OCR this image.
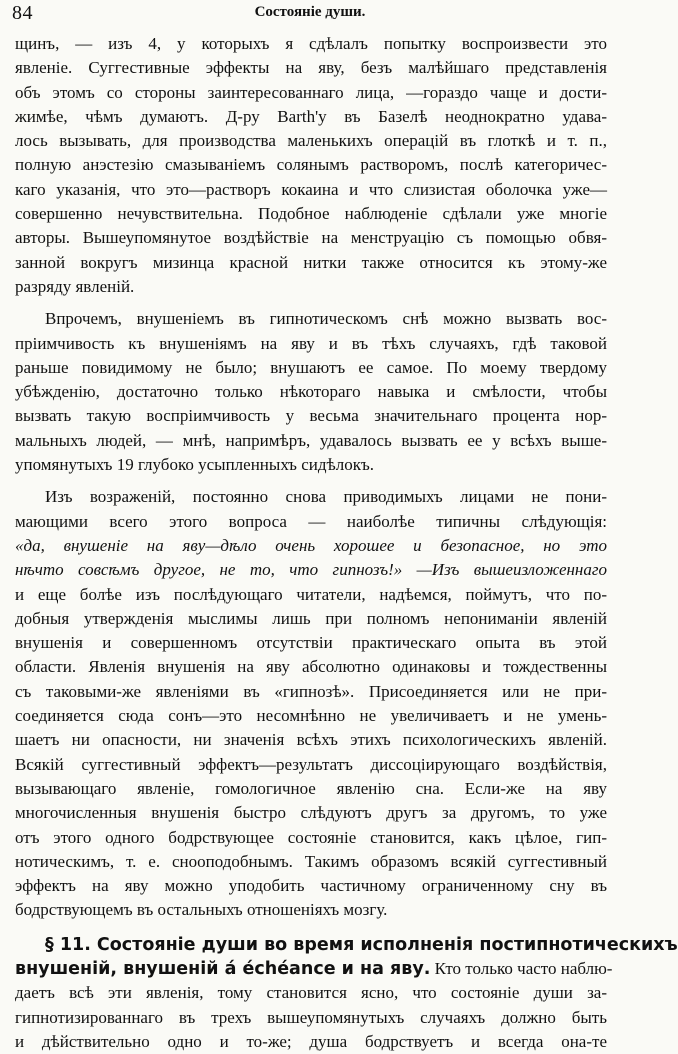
84	Состояніе души.
щинъ, — изъ 4, у которыхъ я сдѣлалъ попытку воспроизвести это
явленіе. Суггестивные эффекты на яву, безъ малѣйшаго представленія
объ этомъ со стороны заинтересованнаго лица, —гораздо чаще и дости-
жимѣе, чѣмъ думаютъ. Д-ру Barth'у въ Базелѣ неоднократно удава-
лось вызывать, для производства маленькихъ операцій въ глоткѣ и т. п.,
полную анэстезію смазываніемъ солянымъ растворомъ, послѣ категоричес-
каго указанія, что это—растворъ кокаина и что слизистая оболочка уже—
совершенно нечувствительна. Подобное наблюденіе сдѣлали уже многіе
авторы. Вышеупомянутое воздѣйствіе на менструацію съ помощью обвя-
занной вокругъ мизинца красной нитки также относится къ этому-же
разряду явленій.
Впрочемъ, внушеніемъ въ гипнотическомъ снѣ можно вызвать вос-
пріимчивость къ внушеніямъ на яву и въ тѣхъ случаяхъ, гдѣ таковой
раньше повидимому не было; внушаютъ ее самое. По моему твердому
убѣжденію, достаточно только нѣкотораго навыка и смѣлости, чтобы
вызвать такую воспріимчивость у весьма значительнаго процента нор-
мальныхъ людей, — мнѣ, напримѣръ, удавалось вызвать ее у всѣхъ выше-
упомянутыхъ 19 глубоко усыпленныхъ сидѣлокъ.
Изъ возраженій, постоянно снова приводимыхъ лицами не пони-
мающими всего этого вопроса — наиболѣе типичны слѣдующія:
«да, внушеніе на яву—дѣло очень хорошее и безопасное, но это
нѣчто совсѣмъ другое, не то, что гипнозъ!» —Изъ вышеизложеннаго
и еще болѣе изъ послѣдующаго читатели, надѣемся, поймутъ, что по-
добныя утвержденія мыслимы лишь при полномъ непониманіи явленій
внушенія и совершенномъ отсутствіи практическаго опыта въ этой
области. Явленія внушенія на яву абсолютно одинаковы и тождественны
съ таковыми-же явленіями въ «гипнозѣ». Присоединяется или не при-
соединяется сюда сонъ—это несомнѣнно не увеличиваетъ и не умень-
шаетъ ни опасности, ни значенія всѣхъ этихъ психологическихъ явленій.
Всякій суггестивный эффектъ—результатъ диссоціирующаго воздѣйствія,
вызывающаго явленіе, гомологичное явленію сна. Если-же на яву
многочисленныя внушенія быстро слѣдуютъ другъ за другомъ, то уже
отъ этого одного бодрствующее состояніе становится, какъ цѣлое, гип-
нотическимъ, т. е. снооподобнымъ. Такимъ образомъ всякій суггестивный
эффектъ на яву можно уподобить частичному ограниченному сну въ
бодрствующемъ въ остальныхъ отношеніяхъ мозгу.
§ 11. Состояніе души во время исполненія постипнотическихъ
внушеній, внушеній á échéance и на яву. Кто только часто наблю-
даетъ всѣ эти явленія, тому становится ясно, что состояніе души за-
гипнотизированнаго въ трехъ вышеупомянутыхъ случаяхъ должно быть
и дѣйствительно одно и то-же; душа бодрствуетъ и всегда она-те
